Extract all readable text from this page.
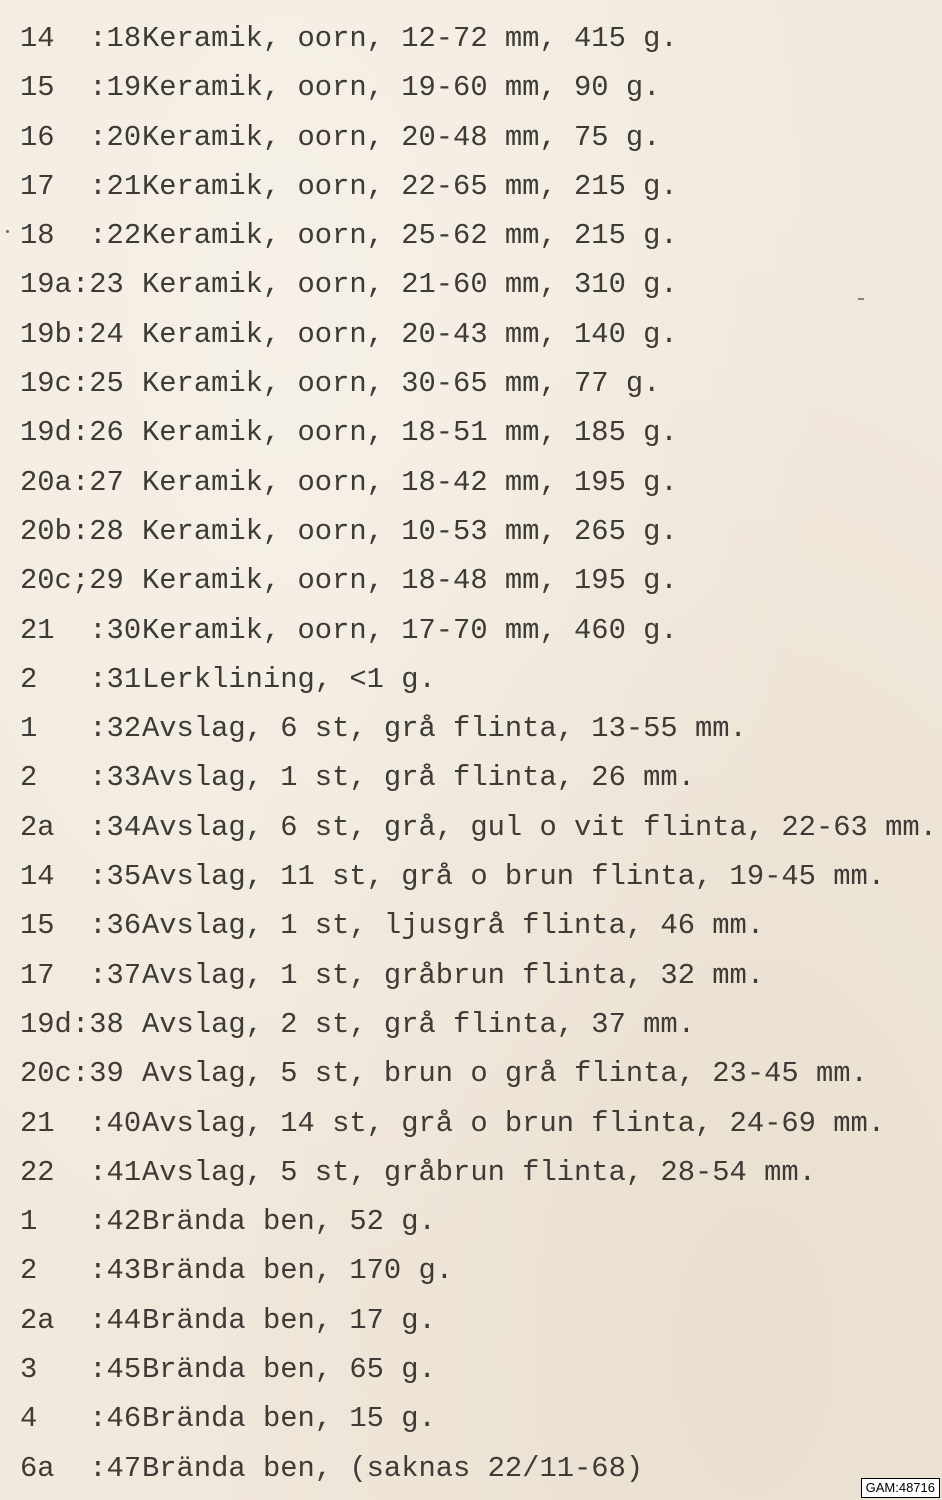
14 :18Keramik, oorn, 12-72 mm, 415 g.
15 :19Keramik, oorn, 19-60 mm, 90 g.
16 :20Keramik, oorn, 20-48 mm, 75 g.
17 :21Keramik, oorn, 22-65 mm, 215 g.
18 :22Keramik, oorn, 25-62 mm, 215 g.
19a:23 Keramik, oorn, 21-60 mm, 310 g.
19b:24 Keramik, oorn, 20-43 mm, 140 g.
19c:25 Keramik, oorn, 30-65 mm, 77 g.
19d:26 Keramik, oorn, 18-51 mm, 185 g.
20a:27 Keramik, oorn, 18-42 mm, 195 g.
20b:28 Keramik, oorn, 10-53 mm, 265 g.
20c;29 Keramik, oorn, 18-48 mm, 195 g.
21 :30Keramik, oorn, 17-70 mm, 460 g.
2 :31Lerklining, <1 g.
1 :32Avslag, 6 st, grå flinta, 13-55 mm.
2 :33Avslag, 1 st, grå flinta, 26 mm.
2a :34Avslag, 6 st, grå, gul o vit flinta, 22-63 mm.
14 :35Avslag, 11 st, grå o brun flinta, 19-45 mm.
15 :36Avslag, 1 st, ljusgrå flinta, 46 mm.
17 :37Avslag, 1 st, gråbrun flinta, 32 mm.
19d:38 Avslag, 2 st, grå flinta, 37 mm.
20c:39 Avslag, 5 st, brun o grå flinta, 23-45 mm.
21 :40Avslag, 14 st, grå o brun flinta, 24-69 mm.
22 :41Avslag, 5 st, gråbrun flinta, 28-54 mm.
1 :42Brända ben, 52 g.
2 :43Brända ben, 170 g.
2a :44Brända ben, 17 g.
3 :45Brända ben, 65 g.
4 :46Brända ben, 15 g.
6a :47Brända ben, (saknas 22/11-68)
GAM:48716
